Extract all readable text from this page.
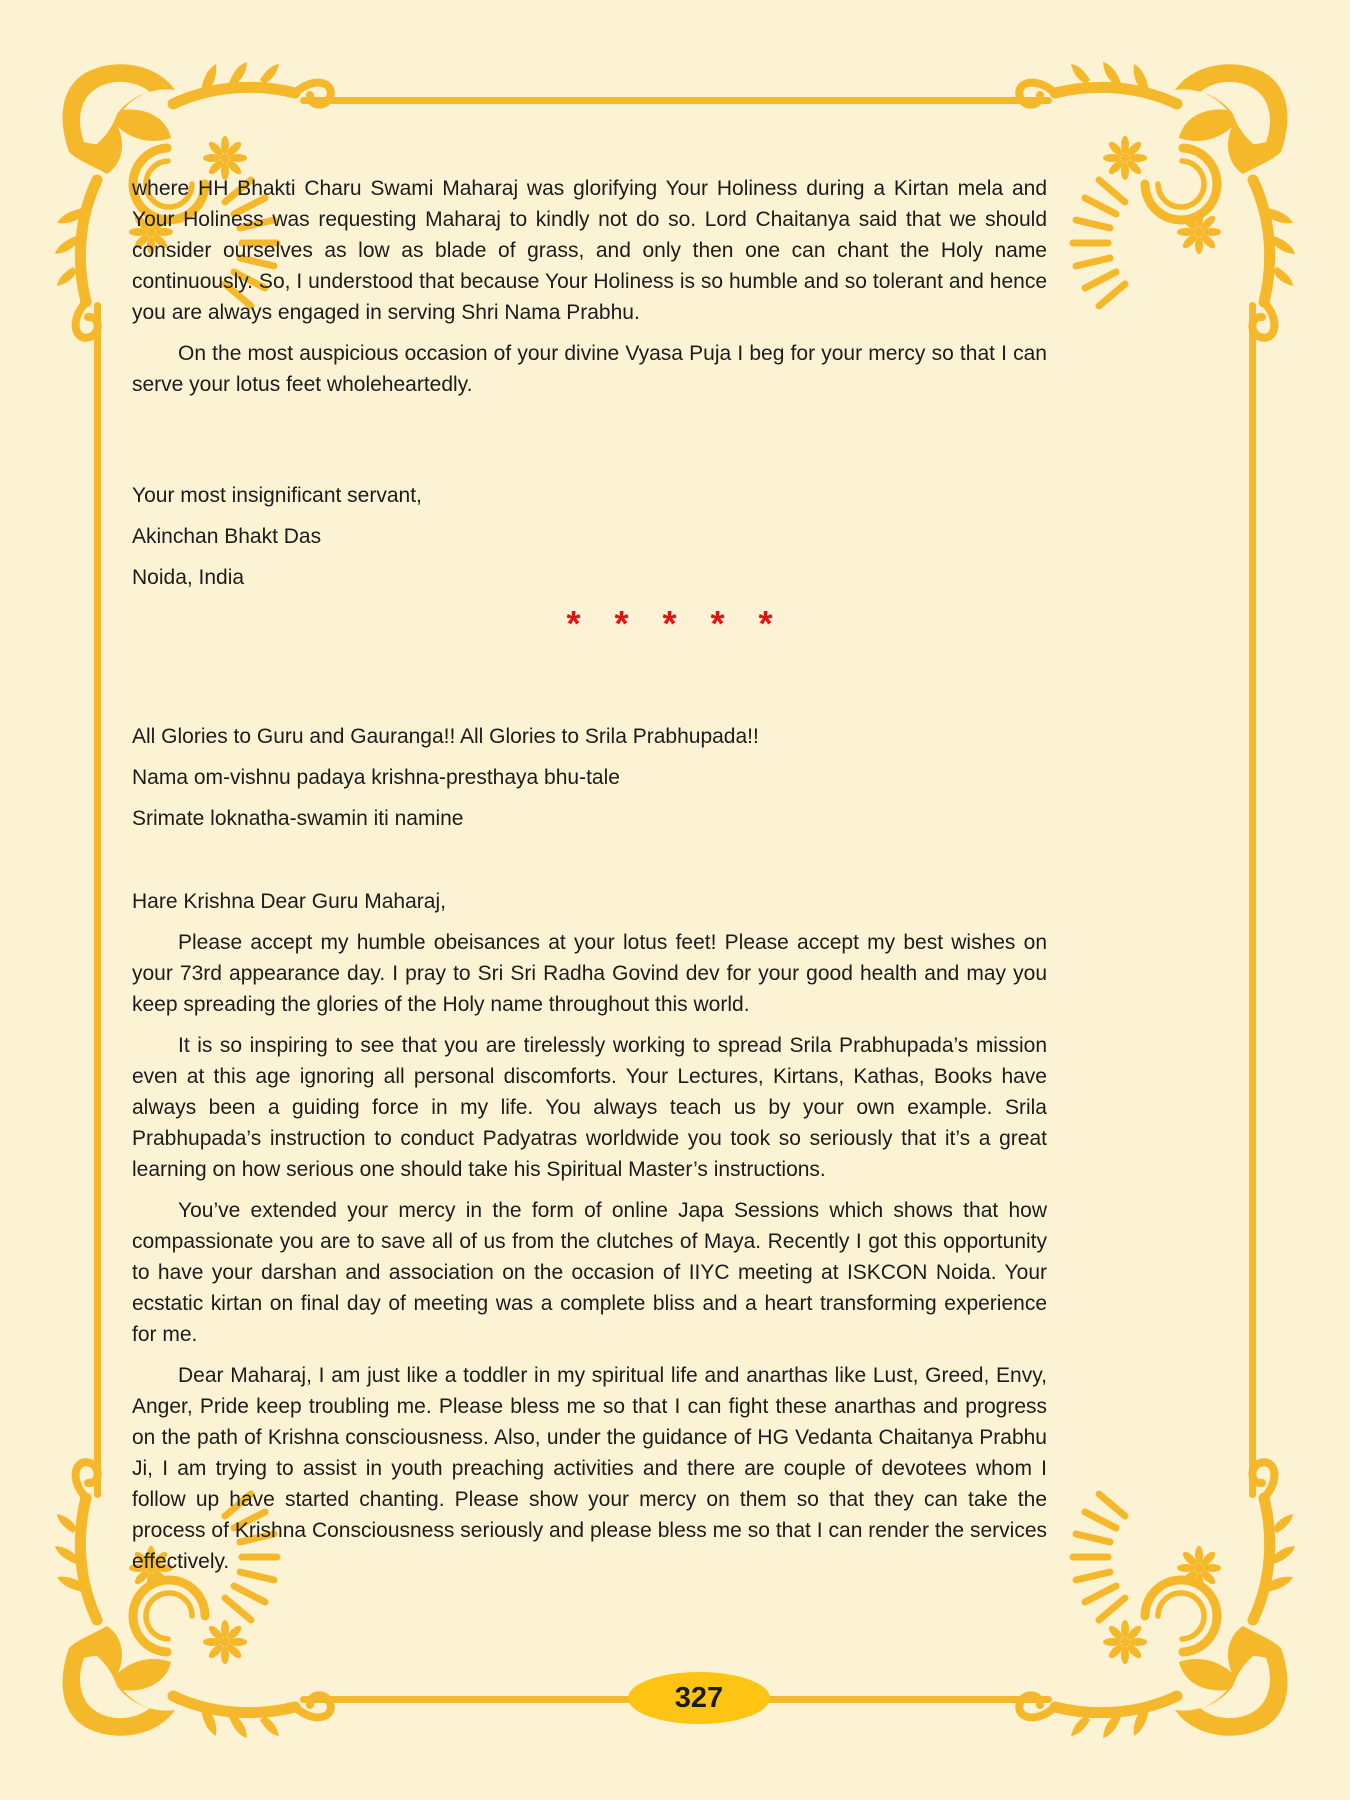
where HH Bhakti Charu Swami Maharaj was glorifying Your Holiness during a Kirtan mela and Your Holiness was requesting Maharaj to kindly not do so. Lord Chaitanya said that we should consider ourselves as low as blade of grass, and only then one can chant the Holy name continuously. So, I understood that because Your Holiness is so humble and so tolerant and hence you are always engaged in serving Shri Nama Prabhu.

On the most auspicious occasion of your divine Vyasa Puja I beg for your mercy so that I can serve your lotus feet wholeheartedly.

Your most insignificant servant,

Akinchan Bhakt Das

Noida, India

* * * * *

All Glories to Guru and Gauranga!! All Glories to Srila Prabhupada!!

Nama om-vishnu padaya krishna-presthaya bhu-tale

Srimate loknatha-swamin iti namine

Hare Krishna Dear Guru Maharaj,

Please accept my humble obeisances at your lotus feet! Please accept my best wishes on your 73rd appearance day. I pray to Sri Sri Radha Govind dev for your good health and may you keep spreading the glories of the Holy name throughout this world.

It is so inspiring to see that you are tirelessly working to spread Srila Prabhupada’s mission even at this age ignoring all personal discomforts. Your Lectures, Kirtans, Kathas, Books have always been a guiding force in my life. You always teach us by your own example. Srila Prabhupada’s instruction to conduct Padyatras worldwide you took so seriously that it’s a great learning on how serious one should take his Spiritual Master’s instructions.

You’ve extended your mercy in the form of online Japa Sessions which shows that how compassionate you are to save all of us from the clutches of Maya. Recently I got this opportunity to have your darshan and association on the occasion of IIYC meeting at ISKCON Noida. Your ecstatic kirtan on final day of meeting was a complete bliss and a heart transforming experience for me.

Dear Maharaj, I am just like a toddler in my spiritual life and anarthas like Lust, Greed, Envy, Anger, Pride keep troubling me. Please bless me so that I can fight these anarthas and progress on the path of Krishna consciousness. Also, under the guidance of HG Vedanta Chaitanya Prabhu Ji, I am trying to assist in youth preaching activities and there are couple of devotees whom I follow up have started chanting. Please show your mercy on them so that they can take the process of Krishna Consciousness seriously and please bless me so that I can render the services effectively.

327
